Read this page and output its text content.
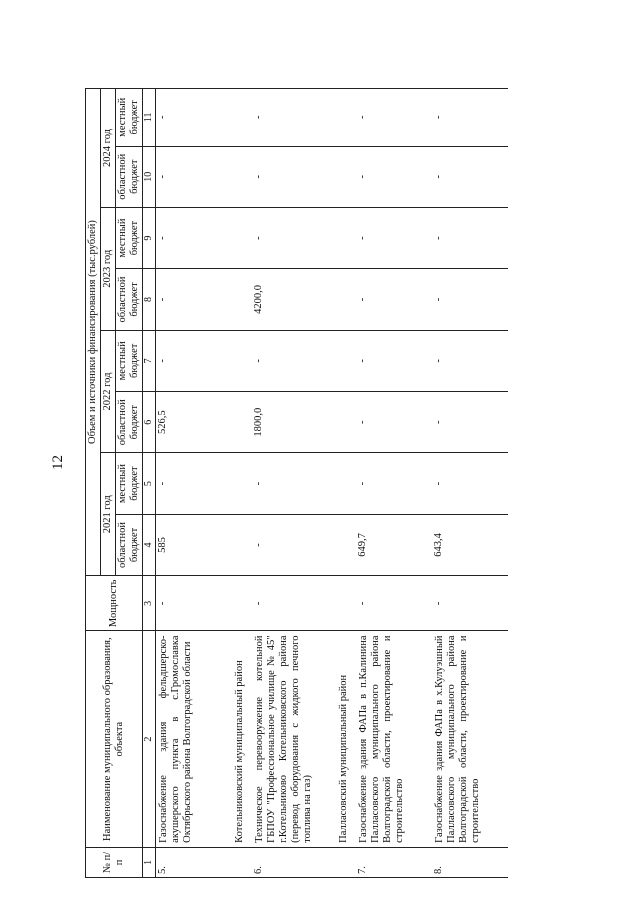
12
№ п/п	Наименование муниципального образования, объекта	Мощность	Объем и источники финансирования (тыс.рублей)							
			2021 год		2022 год		2023 год		2024 год	
			областной бюджет	местный бюджет	областной бюджет	местный бюджет	областной бюджет	местный бюджет	областной бюджет	местный бюджет
1	2	3	4	5	6	7	8	9	10	11
5.	Газоснабжение здания фельдшерско-акушерского пункта в с.Громославка Октябрьского района Волгоградской области	-	585	-	526,5	-	-	-	-	-
	Котельниковский муниципальный район									
6.	Техническое перевооружение котельной ГБПОУ "Профессиональное училище № 45" г.Котельниково Котельниковского района (перевод оборудования с жидкого печного топлива на газ)	-	-	-	1800,0	-	4200,0	-	-	-
	Палласовский муниципальный район									
7.	Газоснабжение здания ФАПа в п.Калинина Палласовского муниципального района Волгоградской области, проектирование и строительство	-	649,7	-	-	-	-	-	-	-
8.	Газоснабжение здания ФАПа в х.Кулуэшный Палласовского муниципального района Волгоградской области, проектирование и строительство	-	643,4	-	-	-	-	-	-	-
